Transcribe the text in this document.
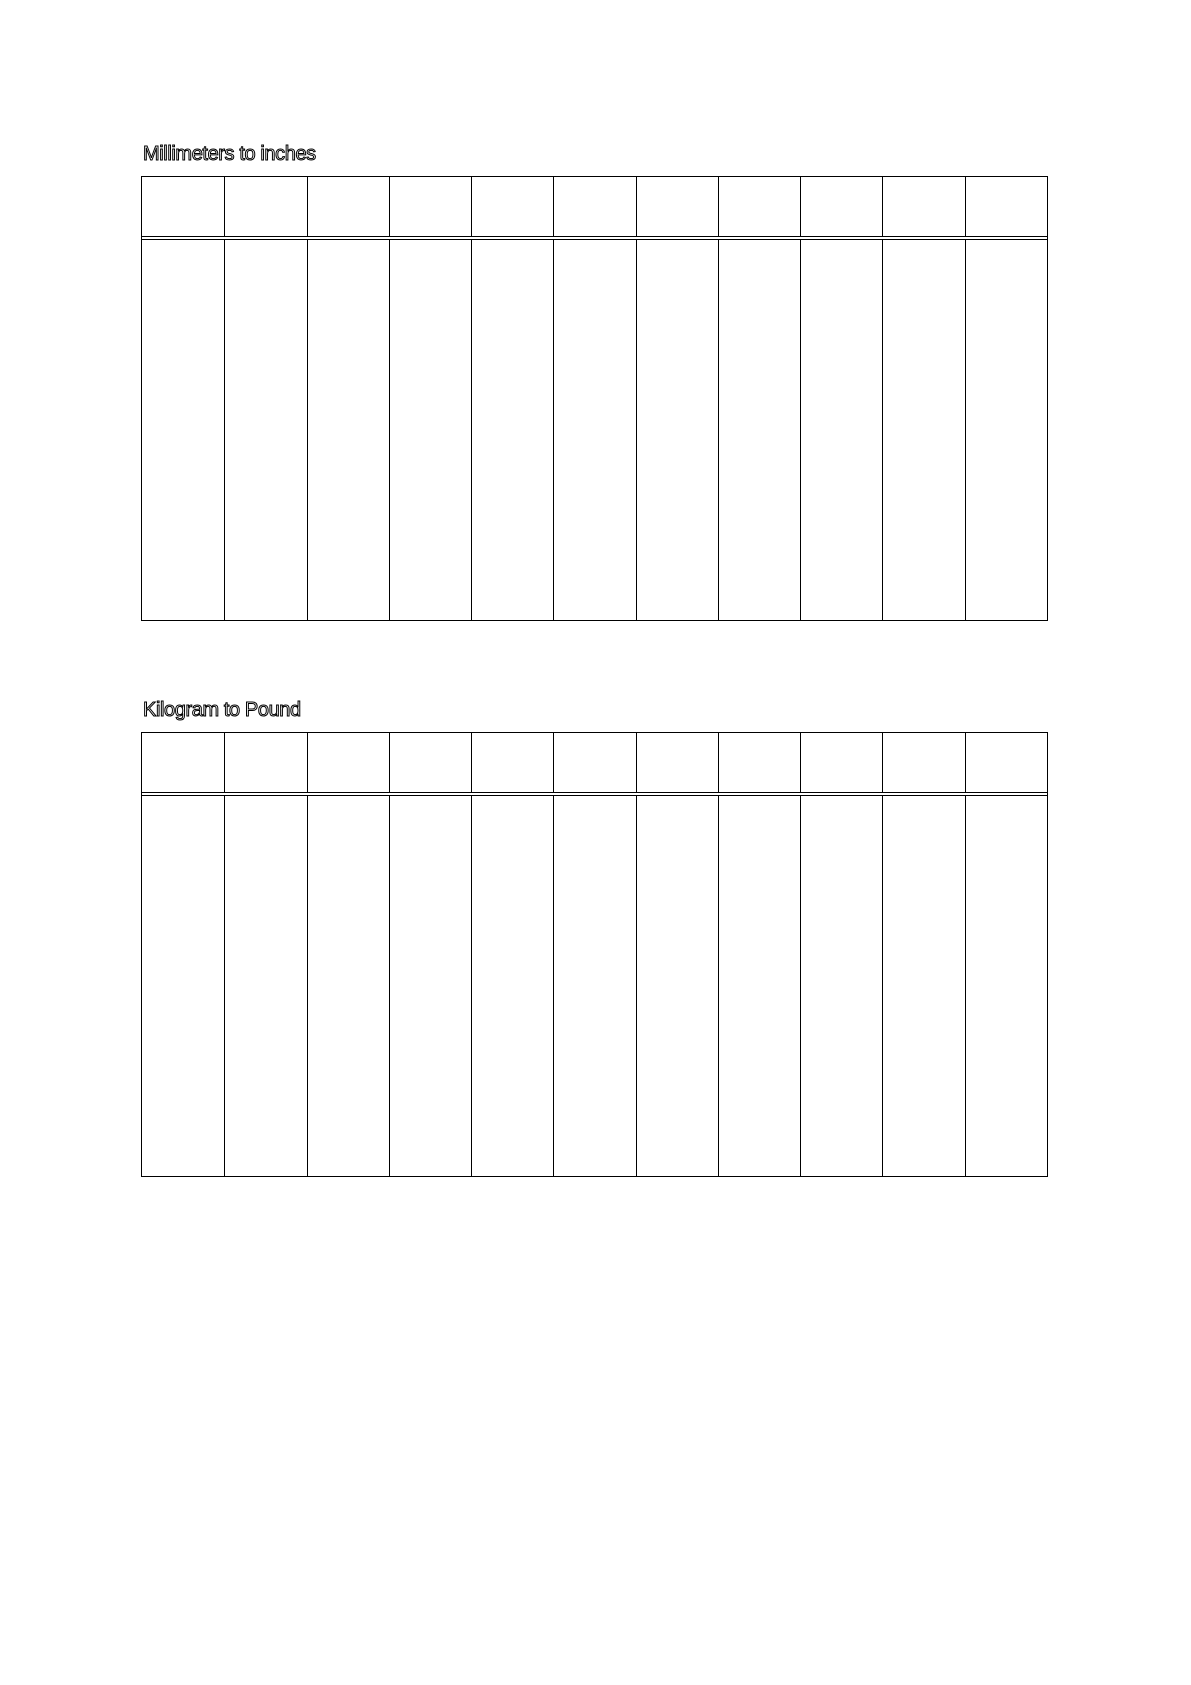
Millimeters to inches
Kilogram to Pound
